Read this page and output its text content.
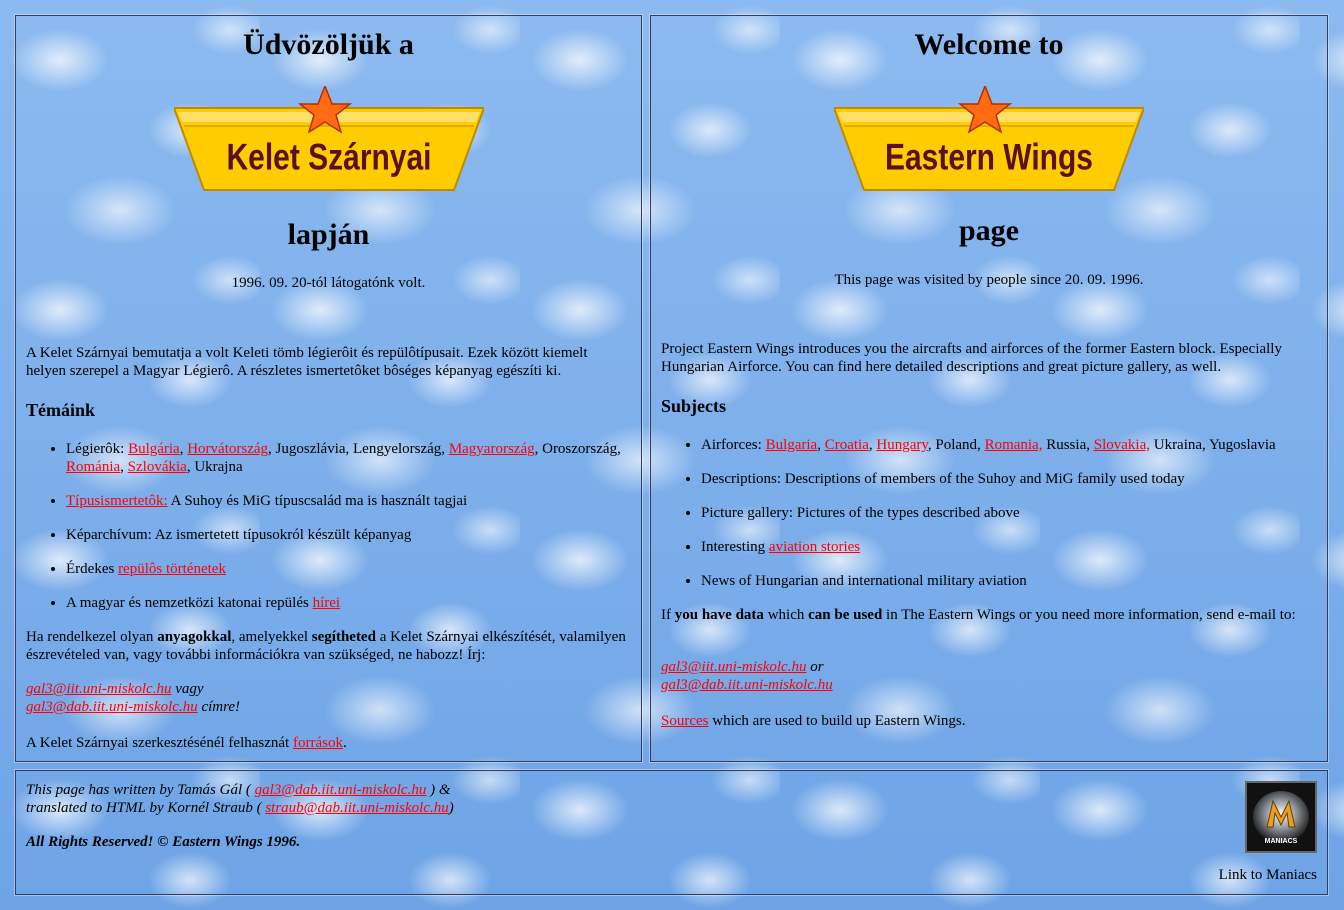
Üdvözöljük a
Kelet Szárnyai
lapján

1996. 09. 20-tól látogatónk volt.

A Kelet Szárnyai bemutatja a volt Keleti tömb légierôit és repülôtípusait. Ezek között kiemelt helyen szerepel a Magyar Légierô. A részletes ismertetôket bôséges képanyag egészíti ki.

Témáink
• Légierôk: Bulgária, Horvátország, Jugoszlávia, Lengyelország, Magyarország, Oroszország, Románia, Szlovákia, Ukrajna
• Típusismertetôk: A Suhoy és MiG típuscsalád ma is használt tagjai
• Képarchívum: Az ismertetett típusokról készült képanyag
• Érdekes repülôs történetek
• A magyar és nemzetközi katonai repülés hírei

Ha rendelkezel olyan anyagokkal, amelyekkel segítheted a Kelet Szárnyai elkészítését, valamilyen észrevételed van, vagy további információkra van szükséged, ne habozz! Írj:

gal3@iit.uni-miskolc.hu vagy
gal3@dab.iit.uni-miskolc.hu címre!

A Kelet Szárnyai szerkesztésénél felhasznát források.

Welcome to
Eastern Wings
page

This page was visited by people since 20. 09. 1996.

Project Eastern Wings introduces you the aircrafts and airforces of the former Eastern block. Especially Hungarian Airforce. You can find here detailed descriptions and great picture gallery, as well.

Subjects
• Airforces: Bulgaria, Croatia, Hungary, Poland, Romania, Russia, Slovakia, Ukraina, Yugoslavia
• Descriptions: Descriptions of members of the Suhoy and MiG family used today
• Picture gallery: Pictures of the types described above
• Interesting aviation stories
• News of Hungarian and international military aviation

If you have data which can be used in The Eastern Wings or you need more information, send e-mail to:

gal3@iit.uni-miskolc.hu or
gal3@dab.iit.uni-miskolc.hu

Sources which are used to build up Eastern Wings.

This page has written by Tamás Gál ( gal3@dab.iit.uni-miskolc.hu ) &
translated to HTML by Kornél Straub ( straub@dab.iit.uni-miskolc.hu)

All Rights Reserved! © Eastern Wings 1996.	MANIACS
Link to Maniacs
